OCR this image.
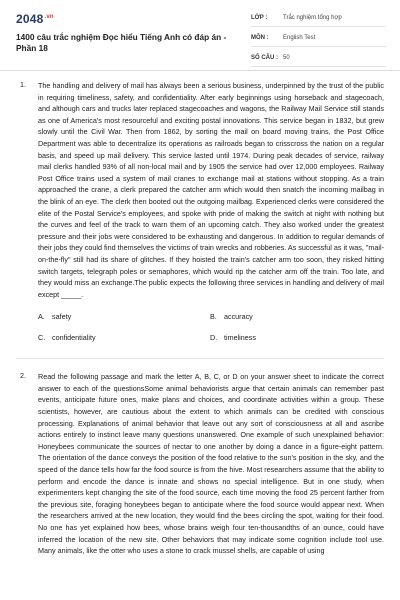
$2048^{.vn}$
1400 câu trắc nghiệm Đọc hiểu Tiếng Anh có đáp án - Phần 18
LỚP :	Trắc nghiệm tổng hợp
MÔN :	English Test
SỐ CÂU : 50
1. The handling and delivery of mail has always been a serious business, underpinned by the trust of the public in requiring timeliness, safety, and confidentiality. After early beginnings using horseback and stagecoach, and although cars and trucks later replaced stagecoaches and wagons, the Railway Mail Service still stands as one of America's most resourceful and exciting postal innovations. This service began in 1832, but grew slowly until the Civil War. Then from 1862, by sorting the mail on board moving trains, the Post Office Department was able to decentralize its operations as railroads began to crisscross the nation on a regular basis, and speed up mail delivery. This service lasted until 1974. During peak decades of service, railway mail clerks handled 93% of all non-local mail and by 1905 the service had over 12,000 employees. Railway Post Office trains used a system of mail cranes to exchange mail at stations without stopping. As a train approached the crane, a clerk prepared the catcher arm which would then snatch the incoming mailbag in the blink of an eye. The clerk then booted out the outgoing mailbag. Experienced clerks were considered the elite of the Postal Service's employees, and spoke with pride of making the switch at night with nothing but the curves and feel of the track to warn them of an upcoming catch. They also worked under the greatest pressure and their jobs were considered to be exhausting and dangerous. In addition to regular demands of their jobs they could find themselves the victims of train wrecks and robberies. As successful as it was, "mail-on-the-fly" still had its share of glitches. If they hoisted the train's catcher arm too soon, they risked hitting switch targets, telegraph poles or semaphores, which would rip the catcher arm off the train. Too late, and they would miss an exchange.The public expects the following three services in handling and delivery of mail except _____.
A. safety	B. accuracy
C. confidentiality	D. timeliness
2. Read the following passage and mark the letter A, B, C, or D on your answer sheet to indicate the correct answer to each of the questionsSome animal behaviorists argue that certain animals can remember past events, anticipate future ones, make plans and choices, and coordinate activities within a group. These scientists, however, are cautious about the extent to which animals can be credited with conscious processing. Explanations of animal behavior that leave out any sort of consciousness at all and ascribe actions entirely to instinct leave many questions unanswered. One example of such unexplained behavior: Honeybees communicate the sources of nectar to one another by doing a dance in a figure-eight pattern. The orientation of the dance conveys the position of the food relative to the sun's position in the sky, and the speed of the dance tells how far the food source is from the hive. Most researchers assume that the ability to perform and encode the dance is innate and shows no special intelligence. But in one study, when experimenters kept changing the site of the food source, each time moving the food 25 percent farther from the previous site, foraging honeybees began to anticipate where the food source would appear next. When the researchers arrived at the new location, they would find the bees circling the spot, waiting for their food. No one has yet explained how bees, whose brains weigh four ten-thousandths of an ounce, could have inferred the location of the new site. Other behaviors that may indicate some cognition include tool use. Many animals, like the otter who uses a stone to crack mussel shells, are capable of using
